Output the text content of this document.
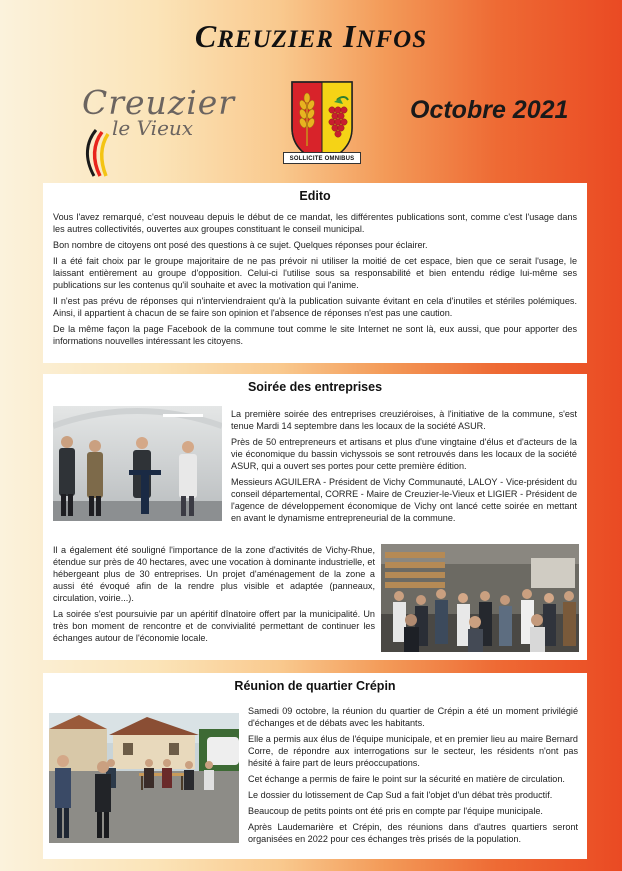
CREUZIER INFOS
Creuzier
le Vieux
SOLLICITE OMNIBUS
Octobre 2021
Edito

Vous l'avez remarqué, c'est nouveau depuis le début de ce mandat, les différentes publications sont, comme c'est l'usage dans les autres collectivités, ouvertes aux groupes constituant le conseil municipal.

Bon nombre de citoyens ont posé des questions à ce sujet. Quelques réponses pour éclairer.

Il a été fait choix par le groupe majoritaire de ne pas prévoir ni utiliser la moitié de cet espace, bien que ce serait l'usage, le laissant entièrement au groupe d'opposition. Celui-ci l'utilise sous sa responsabilité et bien entendu rédige lui-même ses publications sur les contenus qu'il souhaite et avec la motivation qui l'anime.

Il n'est pas prévu de réponses qui n'interviendraient qu'à la publication suivante évitant en cela d'inutiles et stériles polémiques. Ainsi, il appartient à chacun de se faire son opinion et l'absence de réponses n'est pas une caution.

De la même façon la page Facebook de la commune tout comme le site Internet ne sont là, eux aussi, que pour apporter des informations nouvelles intéressant les citoyens.

Soirée des entreprises

La première soirée des entreprises creuziéroises, à l'initiative de la commune, s'est tenue Mardi 14 septembre dans les locaux de la société ASUR.

Près de 50 entrepreneurs et artisans et plus d'une vingtaine d'élus et d'acteurs de la vie économique du bassin vichyssois se sont retrouvés dans les locaux de la société ASUR, qui a ouvert ses portes pour cette première édition.

Messieurs AGUILERA - Président de Vichy Communauté, LALOY - Vice-président du conseil départemental, CORRE - Maire de Creuzier-le-Vieux et LIGIER - Président de l'agence de développement économique de Vichy ont lancé cette soirée en mettant en avant le dynamisme entrepreneurial de la commune.

Il a également été souligné l'importance de la zone d'activités de Vichy-Rhue, étendue sur près de 40 hectares, avec une vocation à dominante industrielle, et hébergeant plus de 30 entreprises. Un projet d'aménagement de la zone a aussi été évoqué afin de la rendre plus visible et adaptée (panneaux, circulation, voirie...).

La soirée s'est poursuivie par un apéritif dînatoire offert par la municipalité. Un très bon moment de rencontre et de convivialité permettant de continuer les échanges autour de l'économie locale.

Réunion de quartier Crépin

Samedi 09 octobre, la réunion du quartier de Crépin a été un moment privilégié d'échanges et de débats avec les habitants.

Elle a permis aux élus de l'équipe municipale, et en premier lieu au maire Bernard Corre, de répondre aux interrogations sur le secteur, les résidents n'ont pas hésité à faire part de leurs préoccupations.

Cet échange a permis de faire le point sur la sécurité en matière de circulation.

Le dossier du lotissement de Cap Sud a fait l'objet d'un débat très productif.

Beaucoup de petits points ont été pris en compte par l'équipe municipale.

Après Laudemarière et Crépin, des réunions dans d'autres quartiers seront organisées en 2022 pour ces échanges très prisés de la population.
